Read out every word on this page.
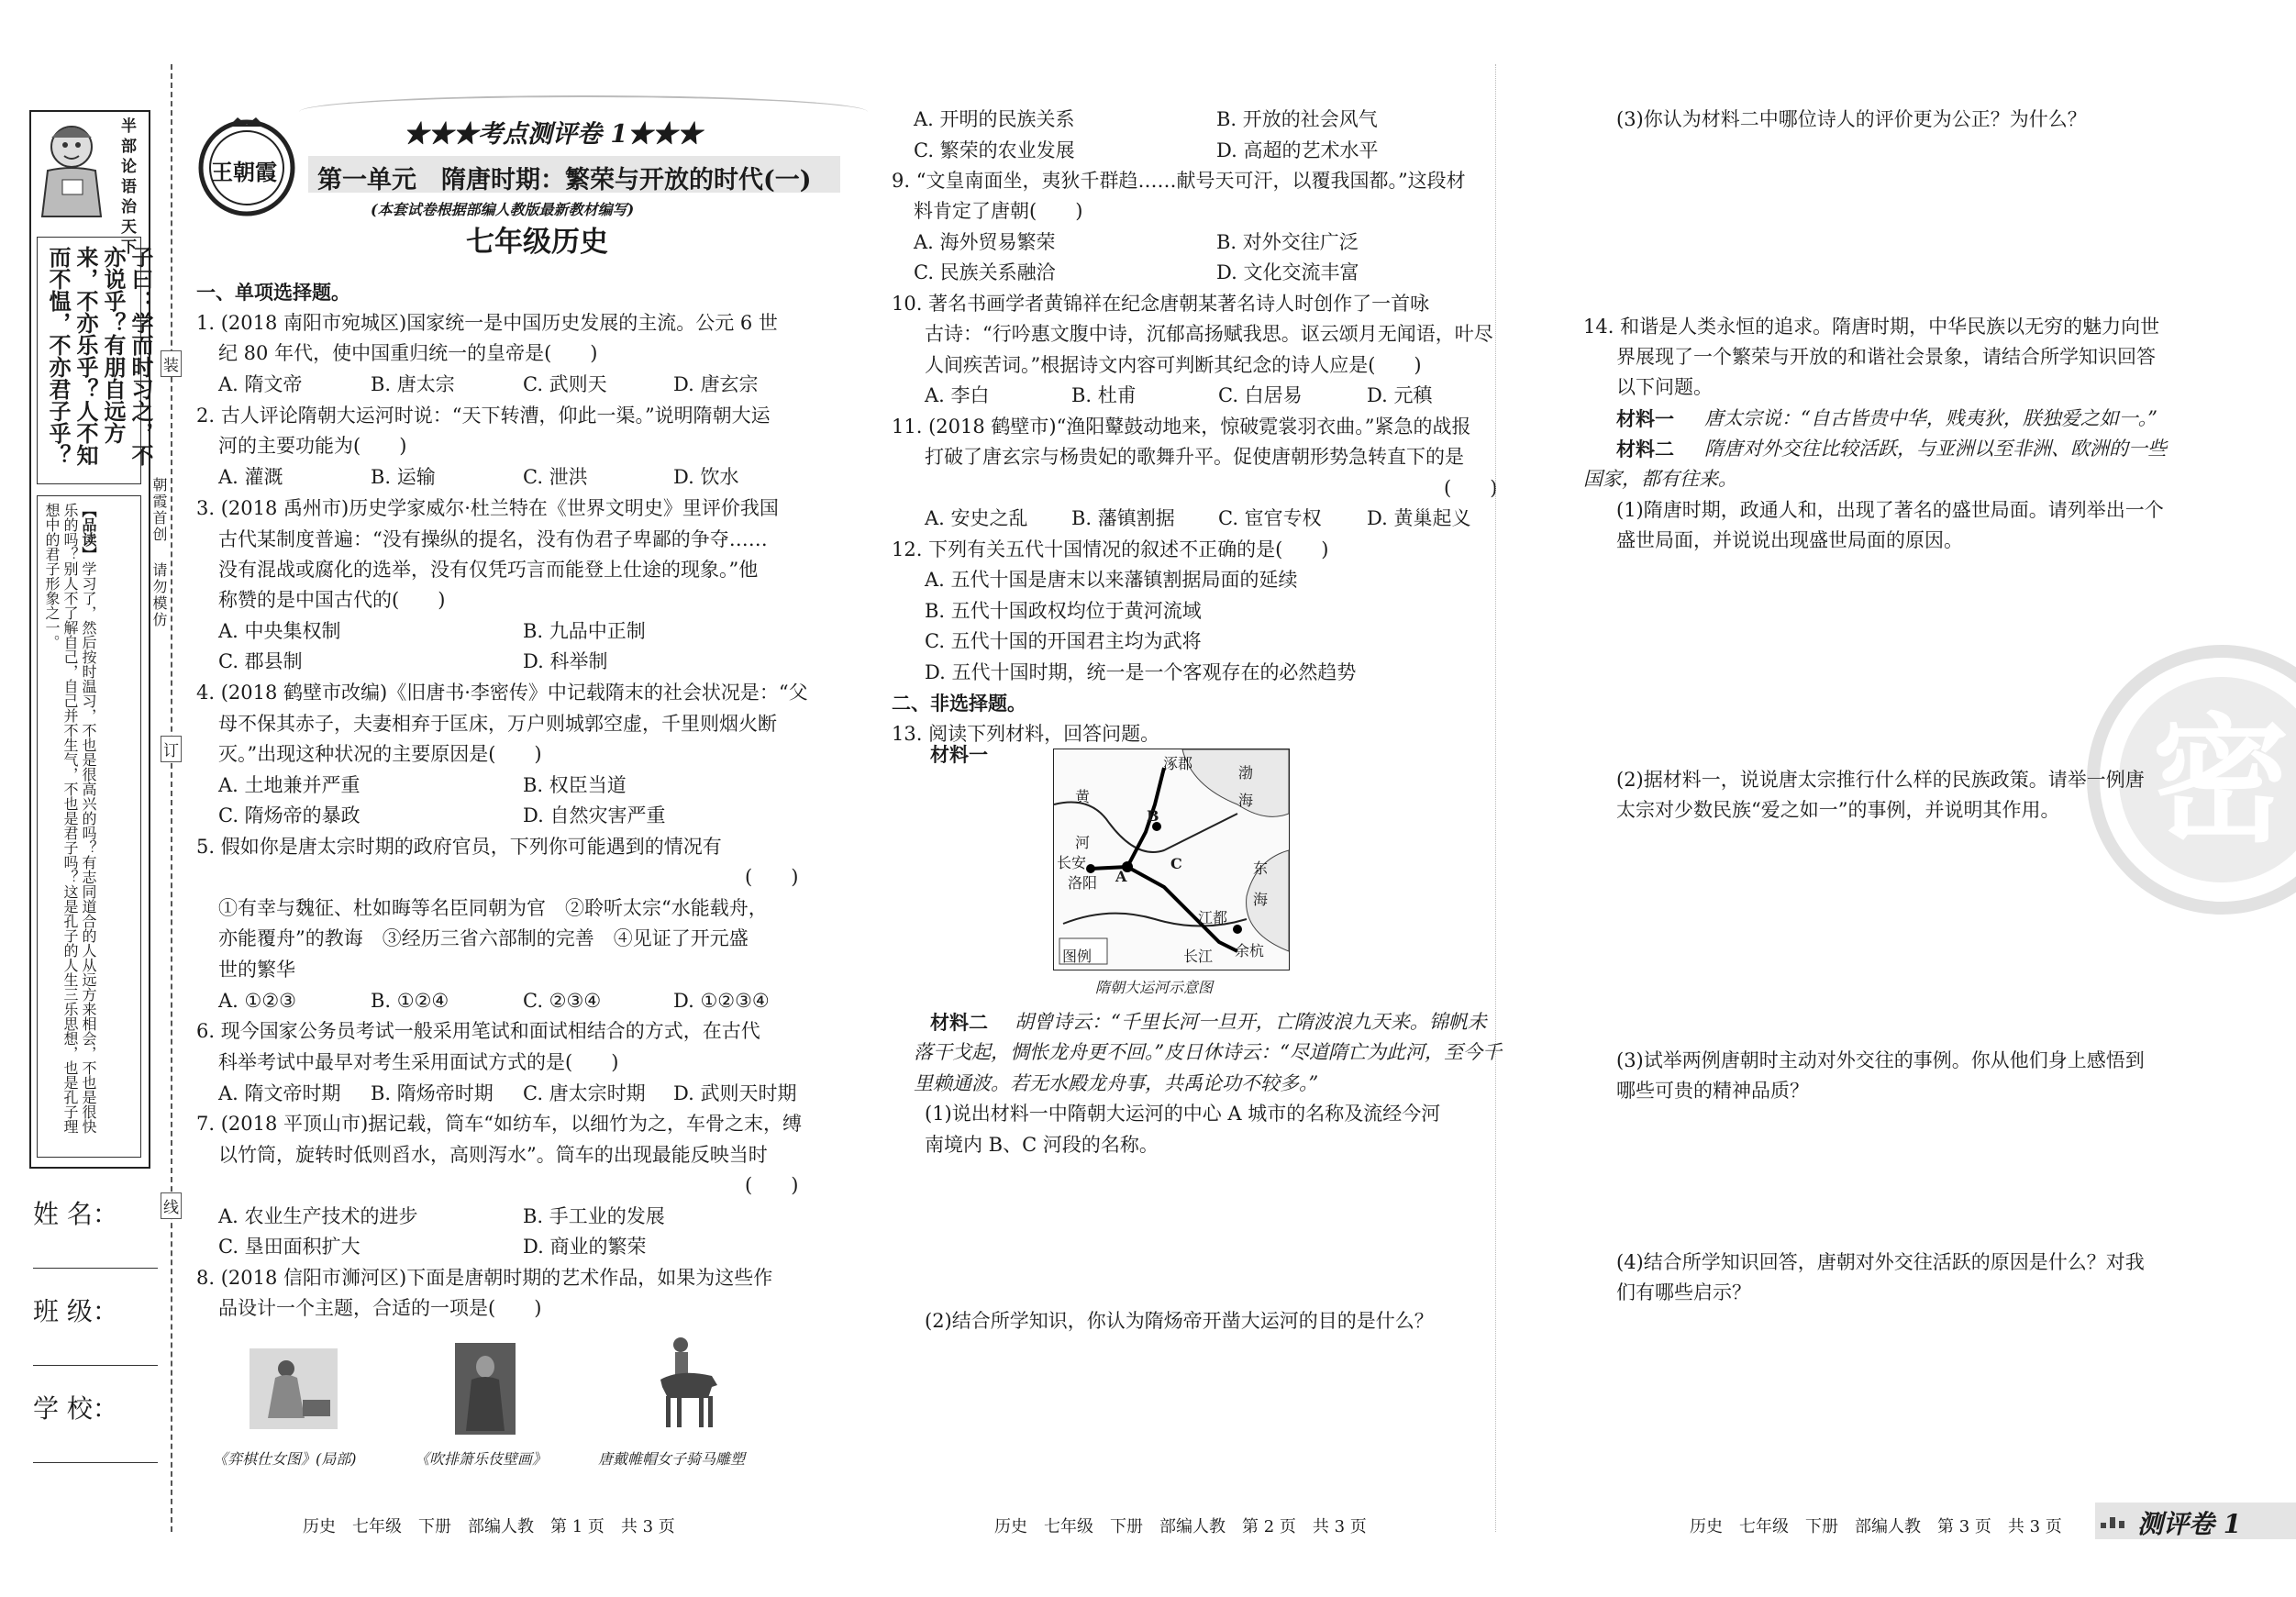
半部论语治天下
子曰：学而时习之，不亦说乎？有朋自远方来，不亦乐乎？人不知而不愠，不亦君子乎？
【品读】学习了，然后按时温习，不也是很高兴的吗？有志同道合的人从远方来相会，不也是很快乐的吗？别人不了解自己，自己并不生气，不也是君子吗？这是孔子的人生三乐思想，也是孔子理想中的君子形象之一。
姓 名：
班 级：
学 校：
装
订
线
朝霞首创 请勿模仿
王朝霞
★★★考点测评卷 1★★★
第一单元　隋唐时期：繁荣与开放的时代(一)
(本套试卷根据部编人教版最新教材编写)
七年级历史
一、单项选择题。
1. (2018 南阳市宛城区)国家统一是中国历史发展的主流。公元 6 世
纪 80 年代，使中国重归统一的皇帝是(　　)
A. 隋文帝	B. 唐太宗	C. 武则天	D. 唐玄宗
2. 古人评论隋朝大运河时说：“天下转漕，仰此一渠。”说明隋朝大运
河的主要功能为(　　)
A. 灌溉	B. 运输	C. 泄洪	D. 饮水
3. (2018 禹州市)历史学家威尔·杜兰特在《世界文明史》里评价我国
古代某制度普遍：“没有操纵的提名，没有伪君子卑鄙的争夺……
没有混战或腐化的选举，没有仅凭巧言而能登上仕途的现象。”他
称赞的是中国古代的(　　)
A. 中央集权制	B. 九品中正制
C. 郡县制	D. 科举制
4. (2018 鹤壁市改编)《旧唐书·李密传》中记载隋末的社会状况是：“父
母不保其赤子，夫妻相弃于匡床，万户则城郭空虚，千里则烟火断
灭。”出现这种状况的主要原因是(　　)
A. 土地兼并严重	B. 权臣当道
C. 隋炀帝的暴政	D. 自然灾害严重
5. 假如你是唐太宗时期的政府官员，下列你可能遇到的情况有
(　　)
①有幸与魏征、杜如晦等名臣同朝为官　②聆听太宗“水能载舟，
亦能覆舟”的教诲　③经历三省六部制的完善　④见证了开元盛
世的繁华
A. ①②③	B. ①②④	C. ②③④	D. ①②③④
6. 现今国家公务员考试一般采用笔试和面试相结合的方式，在古代
科举考试中最早对考生采用面试方式的是(　　)
A. 隋文帝时期 B. 隋炀帝时期 C. 唐太宗时期 D. 武则天时期
7. (2018 平顶山市)据记载，筒车“如纺车，以细竹为之，车骨之末，缚
以竹筒，旋转时低则舀水，高则泻水”。筒车的出现最能反映当时
(　　)
A. 农业生产技术的进步	B. 手工业的发展
C. 垦田面积扩大	D. 商业的繁荣
8. (2018 信阳市浉河区)下面是唐朝时期的艺术作品，如果为这些作
品设计一个主题，合适的一项是(　　)
《弈棋仕女图》(局部)	《吹排箫乐伎壁画》	唐戴帷帽女子骑马雕塑
历史　七年级　下册　部编人教　第 1 页　共 3 页
A. 开明的民族关系	B. 开放的社会风气
C. 繁荣的农业发展	D. 高超的艺术水平
9. “文皇南面坐，夷狄千群趋……献号天可汗，以覆我国都。”这段材
料肯定了唐朝(　　)
A. 海外贸易繁荣	B. 对外交往广泛
C. 民族关系融洽	D. 文化交流丰富
10. 著名书画学者黄锦祥在纪念唐朝某著名诗人时创作了一首咏
古诗：“行吟惠文腹中诗，沉郁高扬赋我思。讴云颂月无闻语，叶尽
人间疾苦词。”根据诗文内容可判断其纪念的诗人应是(　　)
A. 李白	B. 杜甫	C. 白居易	D. 元稹
11. (2018 鹤壁市)“渔阳鼙鼓动地来，惊破霓裳羽衣曲。”紧急的战报
打破了唐玄宗与杨贵妃的歌舞升平。促使唐朝形势急转直下的是
(　　)
A. 安史之乱 B. 藩镇割据 C. 宦官专权 D. 黄巢起义
12. 下列有关五代十国情况的叙述不正确的是(　　)
A. 五代十国是唐末以来藩镇割据局面的延续
B. 五代十国政权均位于黄河流域
C. 五代十国的开国君主均为武将
D. 五代十国时期，统一是一个客观存在的必然趋势
二、非选择题。
13. 阅读下列材料，回答问题。
材料一	涿郡
渤
海
黄
河
B
长安	C
洛阳 A	东
海
江都
余杭
长江
图例
隋朝大运河示意图
材料二 胡曾诗云：“千里长河一旦开，亡隋波浪九天来。锦帆未
落干戈起，惆怅龙舟更不回。”皮日休诗云：“尽道隋亡为此河，至今千
里赖通波。若无水殿龙舟事，共禹论功不较多。”
(1)说出材料一中隋朝大运河的中心 A 城市的名称及流经今河
南境内 B、C 河段的名称。
(2)结合所学知识，你认为隋炀帝开凿大运河的目的是什么？
历史　七年级　下册　部编人教　第 2 页　共 3 页
(3)你认为材料二中哪位诗人的评价更为公正？为什么？
14. 和谐是人类永恒的追求。隋唐时期，中华民族以无穷的魅力向世
界展现了一个繁荣与开放的和谐社会景象，请结合所学知识回答
以下问题。
材料一 唐太宗说：“自古皆贵中华，贱夷狄，朕独爱之如一。”
材料二 隋唐对外交往比较活跃，与亚洲以至非洲、欧洲的一些
国家，都有往来。
(1)隋唐时期，政通人和，出现了著名的盛世局面。请列举出一个
盛世局面，并说说出现盛世局面的原因。
密
(2)据材料一，说说唐太宗推行什么样的民族政策。请举一例唐
太宗对少数民族“爱之如一”的事例，并说明其作用。
(3)试举两例唐朝时主动对外交往的事例。你从他们身上感悟到
哪些可贵的精神品质？
(4)结合所学知识回答，唐朝对外交往活跃的原因是什么？对我
们有哪些启示？
历史　七年级　下册　部编人教　第 3 页　共 3 页	测评卷 1
